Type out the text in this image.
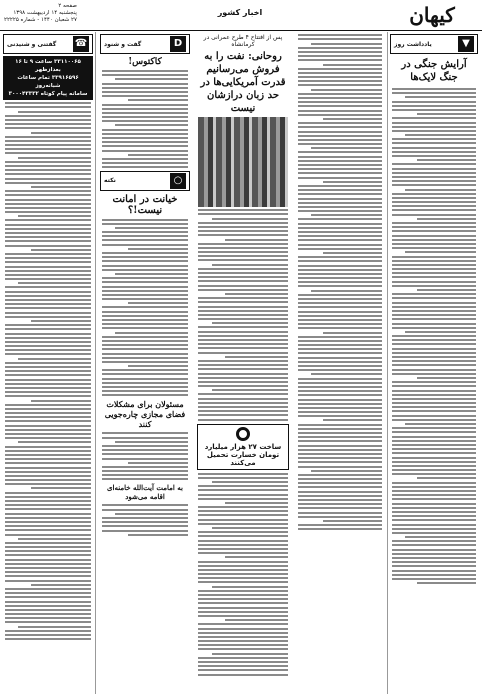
کیهان
اخبار کشور
صفحه ۲
پنجشنبه ۱۴ اردیبهشت ۱۳۹۸
۲۷ شعبان ۱۴۴۰ - شماره ۲۲۲۲۵
▼
یادداشت روز
آرایش جنگی در جنگ لایک‌ها
پس از افتتاح ۴ طرح عمرانی در کرمانشاه
روحانی: نفت را به فروش می‌رسانیم قدرت آمریکایی‌ها در حد زبان درازشان نیست
ساخت ۲۷ هزار میلیارد تومان خسارت تحمیل می‌کنند
D
گفت و شنود
کاکتوس!
○
نکته
خیانت در امانت نیست!؟
مسئولان برای مشکلات فضای مجازی چاره‌جویی کنند
به امامت آیت‌الله خامنه‌ای اقامه می‌شود
☎
گفتنی و شنیدنی
۳۳۱۱۰۰۶۵ ساعت ۹ تا ۱۶ بعدازظهر
۳۳۹۱۶۵۹۶ تمام ساعات شبانه‌روز
سامانه پیام کوتاه ۳۰۰۰۴۳۳۳۲
